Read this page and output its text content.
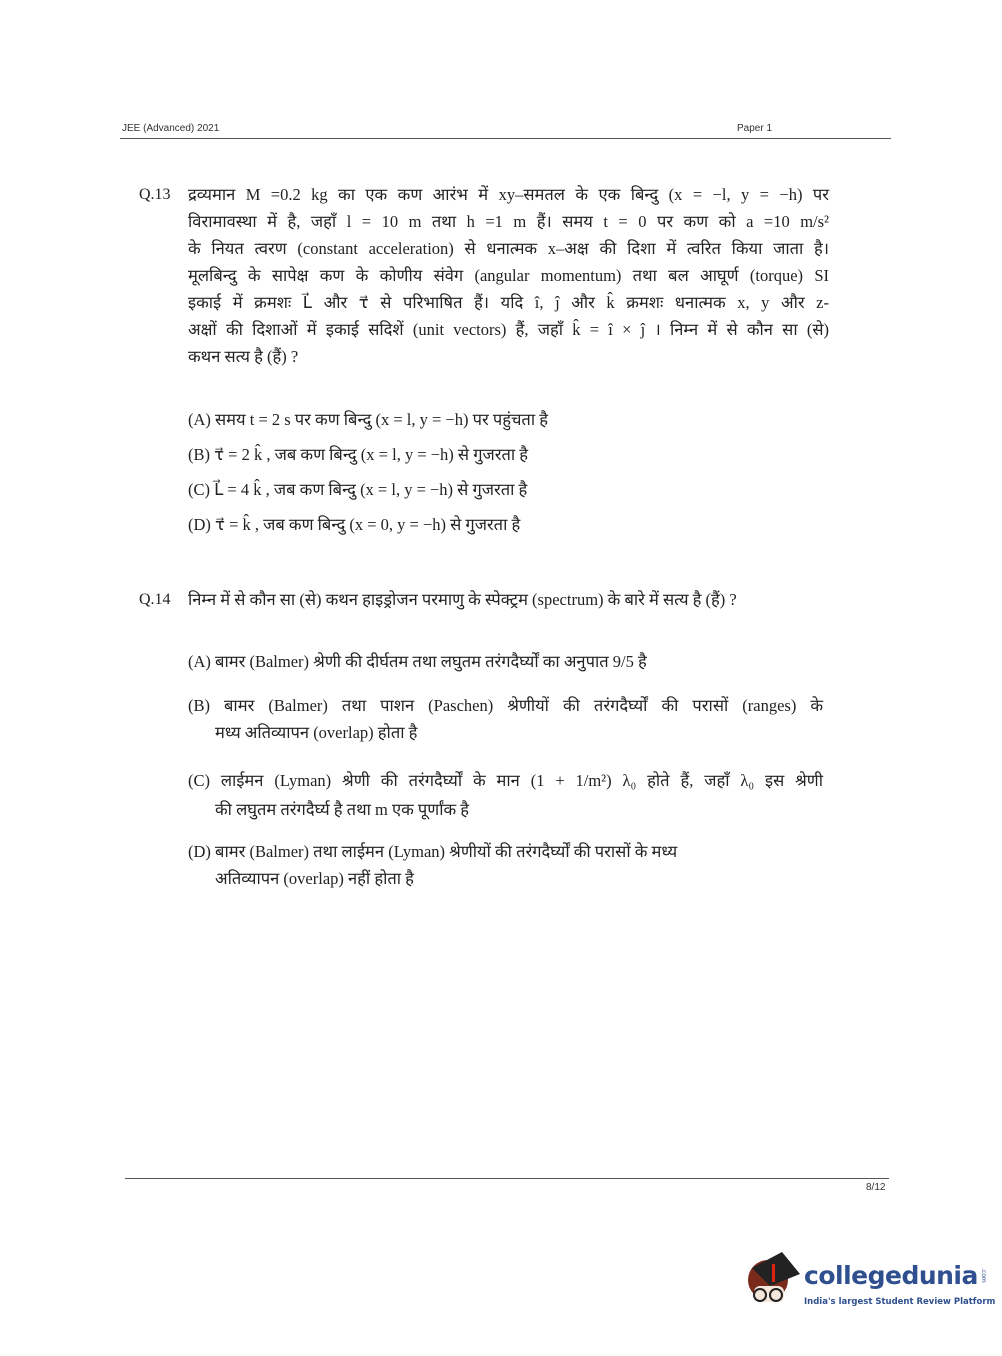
JEE (Advanced) 2021	Paper 1
Q.13	द्रव्यमान M =0.2 kg का एक कण आरंभ में xy–समतल के एक बिन्दु (x = −l, y = −h) पर
विरामावस्था में है, जहाँ l = 10 m तथा h =1 m हैं। समय t = 0 पर कण को a =10 m/s²
के नियत त्वरण (constant acceleration) से धनात्मक x–अक्ष की दिशा में त्वरित किया जाता है।
मूलबिन्दु के सापेक्ष कण के कोणीय संवेग (angular momentum) तथा बल आघूर्ण (torque) SI
इकाई में क्रमशः L⃗ और τ⃗ से परिभाषित हैं। यदि î, ĵ और k̂ क्रमशः धनात्मक x, y और z-
अक्षों की दिशाओं में इकाई सदिशें (unit vectors) हैं, जहाँ k̂ = î × ĵ । निम्न में से कौन सा (से)
कथन सत्य है (हैं) ?
(A) समय t = 2 s पर कण बिन्दु (x = l, y = −h) पर पहुंचता है
(B) τ⃗ = 2 k̂ , जब कण बिन्दु (x = l, y = −h) से गुजरता है
(C) L⃗ = 4 k̂ , जब कण बिन्दु (x = l, y = −h) से गुजरता है
(D) τ⃗ = k̂ , जब कण बिन्दु (x = 0, y = −h) से गुजरता है
Q.14	निम्न में से कौन सा (से) कथन हाइड्रोजन परमाणु के स्पेक्ट्रम (spectrum) के बारे में सत्य है (हैं) ?
(A) बामर (Balmer) श्रेणी की दीर्घतम तथा लघुतम तरंगदैर्घ्यों का अनुपात 9/5 है
(B) बामर (Balmer) तथा पाशन (Paschen) श्रेणीयों की तरंगदैर्घ्यों की परासों (ranges) के
मध्य अतिव्यापन (overlap) होता है
(C) लाईमन (Lyman) श्रेणी की तरंगदैर्घ्यों के मान (1 + 1/m²) λ₀ होते हैं, जहाँ λ₀ इस श्रेणी
की लघुतम तरंगदैर्घ्य है तथा m एक पूर्णांक है
(D) बामर (Balmer) तथा लाईमन (Lyman) श्रेणीयों की तरंगदैर्घ्यों की परासों के मध्य
अतिव्यापन (overlap) नहीं होता है
8/12
collegedunia .com
India's largest Student Review Platform
